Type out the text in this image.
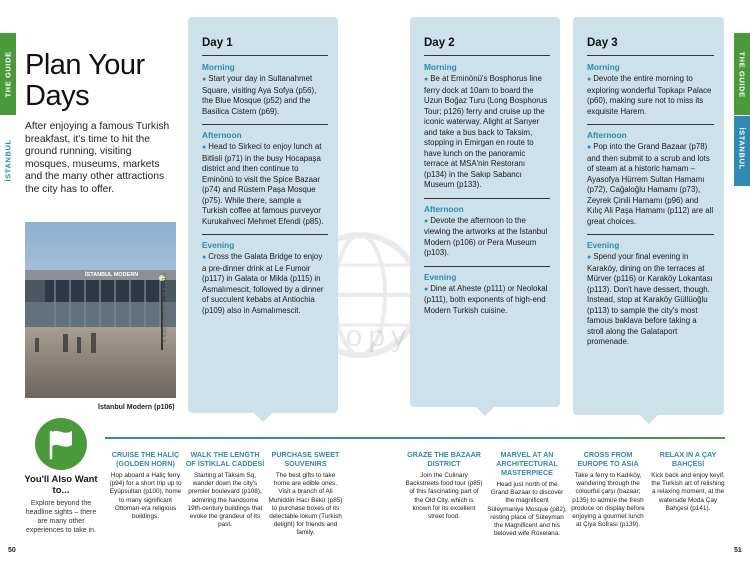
THE GUIDE
İSTANBUL
THE GUIDE
İSTANBUL
Plan Your
Days
After enjoying a famous Turkish breakfast, it's time to hit the ground running, visiting mosques, museums, markets and the many other attractions the city has to offer.
İSTANBUL MODERN	© DOULBLY/SHUTTERSTOCK
İstanbul Modern (p106)
Copy
Day 1
Morning

● Start your day in Sultanahmet Square, visiting Aya Sofya (p56), the Blue Mosque (p52) and the Basilica Cistern (p69).

Afternoon

● Head to Sirkeci to enjoy lunch at Bitlisli (p71) in the busy Hocapaşa district and then continue to Eminönü to visit the Spice Bazaar (p74) and Rüstem Paşa Mosque (p75). While there, sample a Turkish coffee at famous purveyor Kurukahveci Mehmet Efendi (p85).

Evening

● Cross the Galata Bridge to enjoy a pre-dinner drink at Le Fumoir (p117) in Galata or Mikla (p115) in Asmalımescit, followed by a dinner of succulent kebabs at Antiochia (p109) also in Asmalımescit.

Day 2
Morning

● Be at Eminönü's Bosphorus line ferry dock at 10am to board the Uzun Boğaz Turu (Long Bosphorus Tour; p126) ferry and cruise up the iconic waterway. Alight at Sarıyer and take a bus back to Taksim, stopping in Emirgan en route to have lunch on the panoramic terrace at MSA'nin Restoranı (p134) in the Sakıp Sabancı Museum (p133).

Afternoon

● Devote the afternoon to the viewing the artworks at the İstanbul Modern (p106) or Pera Museum (p103).

Evening

● Dine at Aheste (p111) or Neolokal (p111), both exponents of high-end Modern Turkish cuisine.

Day 3
Morning

● Devote the entire morning to exploring wonderful Topkapı Palace (p60), making sure not to miss its exquisite Harem.

Afternoon

● Pop into the Grand Bazaar (p78) and then submit to a scrub and lots of steam at a historic hamam – Ayasofya Hürrem Sultan Hamamı (p72), Cağaloğlu Hamamı (p73), Zeyrek Çinili Hamamı (p96) and Kılıç Ali Paşa Hamamı (p112) are all great choices.

Evening

● Spend your final evening in Karaköy, dining on the terraces at Mürver (p116) or Karaköy Lokantası (p113). Don't have dessert, though. Instead, stop at Karaköy Güllüoğlu (p113) to sample the city's most famous baklava before taking a stroll along the Galataport promenade.

You'll Also Want to...
Explore beyond the headline sights – there are many other experiences to take in.
CRUISE THE HALİÇ (GOLDEN HORN)

Hop aboard a Haliç ferry (p94) for a short trip up to Eyüpsultan (p100), home to many significant Ottoman-era religious buildings.

WALK THE LENGTH OF İSTİKLAL CADDESİ

Starting at Taksim Sq, wander down the city's premier boulevard (p108), admiring the handsome 19th-century buildings that evoke the grandeur of its past.

PURCHASE SWEET SOUVENIRS

The best gifts to take home are edible ones. Visit a branch of Ali Muhiddin Hacı Bekir (p85) to purchase boxes of its delectable lokum (Turkish delight) for friends and family.

GRAZE THE BAZAAR DISTRICT

Join the Culinary Backstreets food tour (p85) of this fascinating part of the Old City, which is known for its excellent street food.

MARVEL AT AN ARCHITECTURAL MASTERPIECE

Head just north of the Grand Bazaar to discover the magnificent Süleymaniye Mosque (p82), resting place of Süleyman the Magnificent and his beloved wife Roxelana.

CROSS FROM EUROPE TO ASIA

Take a ferry to Kadıköy, wandering through the colourful çarşı (bazaar; p135) to admire the fresh produce on display before enjoying a gourmet lunch at Çiya Sofrası (p139).

RELAX IN A ÇAY BAHÇESİ

Kick back and enjoy keyif, the Turkish art of relishing a relaxing moment, at the waterside Moda Çay Bahçesi (p141).

50	51
